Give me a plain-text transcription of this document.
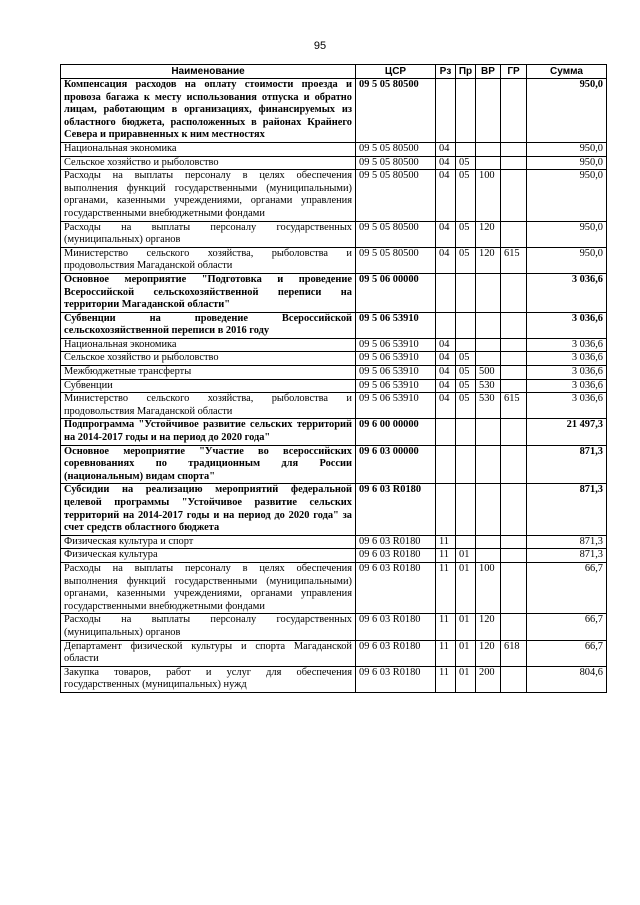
95
Наименование	ЦСР	Рз	Пр	ВР	ГР	Сумма
Компенсация расходов на оплату стоимости проезда и провоза багажа к месту использования отпуска и обратно лицам, работающим в организациях, финансируемых из областного бюджета, расположенных в районах Крайнего Севера и приравненных к ним местностях	09 5 05 80500					950,0
Национальная экономика	09 5 05 80500	04				950,0
Сельское хозяйство и рыболовство	09 5 05 80500	04	05			950,0
Расходы на выплаты персоналу в целях обеспечения выполнения функций государственными (муниципальными) органами, казенными учреждениями, органами управления государственными внебюджетными фондами	09 5 05 80500	04	05	100		950,0
Расходы на выплаты персоналу государственных (муниципальных) органов	09 5 05 80500	04	05	120		950,0
Министерство сельского хозяйства, рыболовства и продовольствия Магаданской области	09 5 05 80500	04	05	120	615	950,0
Основное мероприятие "Подготовка и проведение Всероссийской сельскохозяйственной переписи на территории Магаданской области"	09 5 06 00000					3 036,6
Субвенции на проведение Всероссийской сельскохозяйственной переписи в 2016 году	09 5 06 53910					3 036,6
Национальная экономика	09 5 06 53910	04				3 036,6
Сельское хозяйство и рыболовство	09 5 06 53910	04	05			3 036,6
Межбюджетные трансферты	09 5 06 53910	04	05	500		3 036,6
Субвенции	09 5 06 53910	04	05	530		3 036,6
Министерство сельского хозяйства, рыболовства и продовольствия Магаданской области	09 5 06 53910	04	05	530	615	3 036,6
Подпрограмма "Устойчивое развитие сельских территорий на 2014-2017 годы и на период до 2020 года"	09 6 00 00000					21 497,3
Основное мероприятие "Участие во всероссийских соревнованиях по традиционным для России (национальным) видам спорта"	09 6 03 00000					871,3
Субсидии на реализацию мероприятий федеральной целевой программы "Устойчивое развитие сельских территорий на 2014-2017 годы и на период до 2020 года" за счет средств областного бюджета	09 6 03 R0180					871,3
Физическая культура и спорт	09 6 03 R0180	11				871,3
Физическая культура	09 6 03 R0180	11	01			871,3
Расходы на выплаты персоналу в целях обеспечения выполнения функций государственными (муниципальными) органами, казенными учреждениями, органами управления государственными внебюджетными фондами	09 6 03 R0180	11	01	100		66,7
Расходы на выплаты персоналу государственных (муниципальных) органов	09 6 03 R0180	11	01	120		66,7
Департамент физической культуры и спорта Магаданской области	09 6 03 R0180	11	01	120	618	66,7
Закупка товаров, работ и услуг для обеспечения государственных (муниципальных) нужд	09 6 03 R0180	11	01	200		804,6
